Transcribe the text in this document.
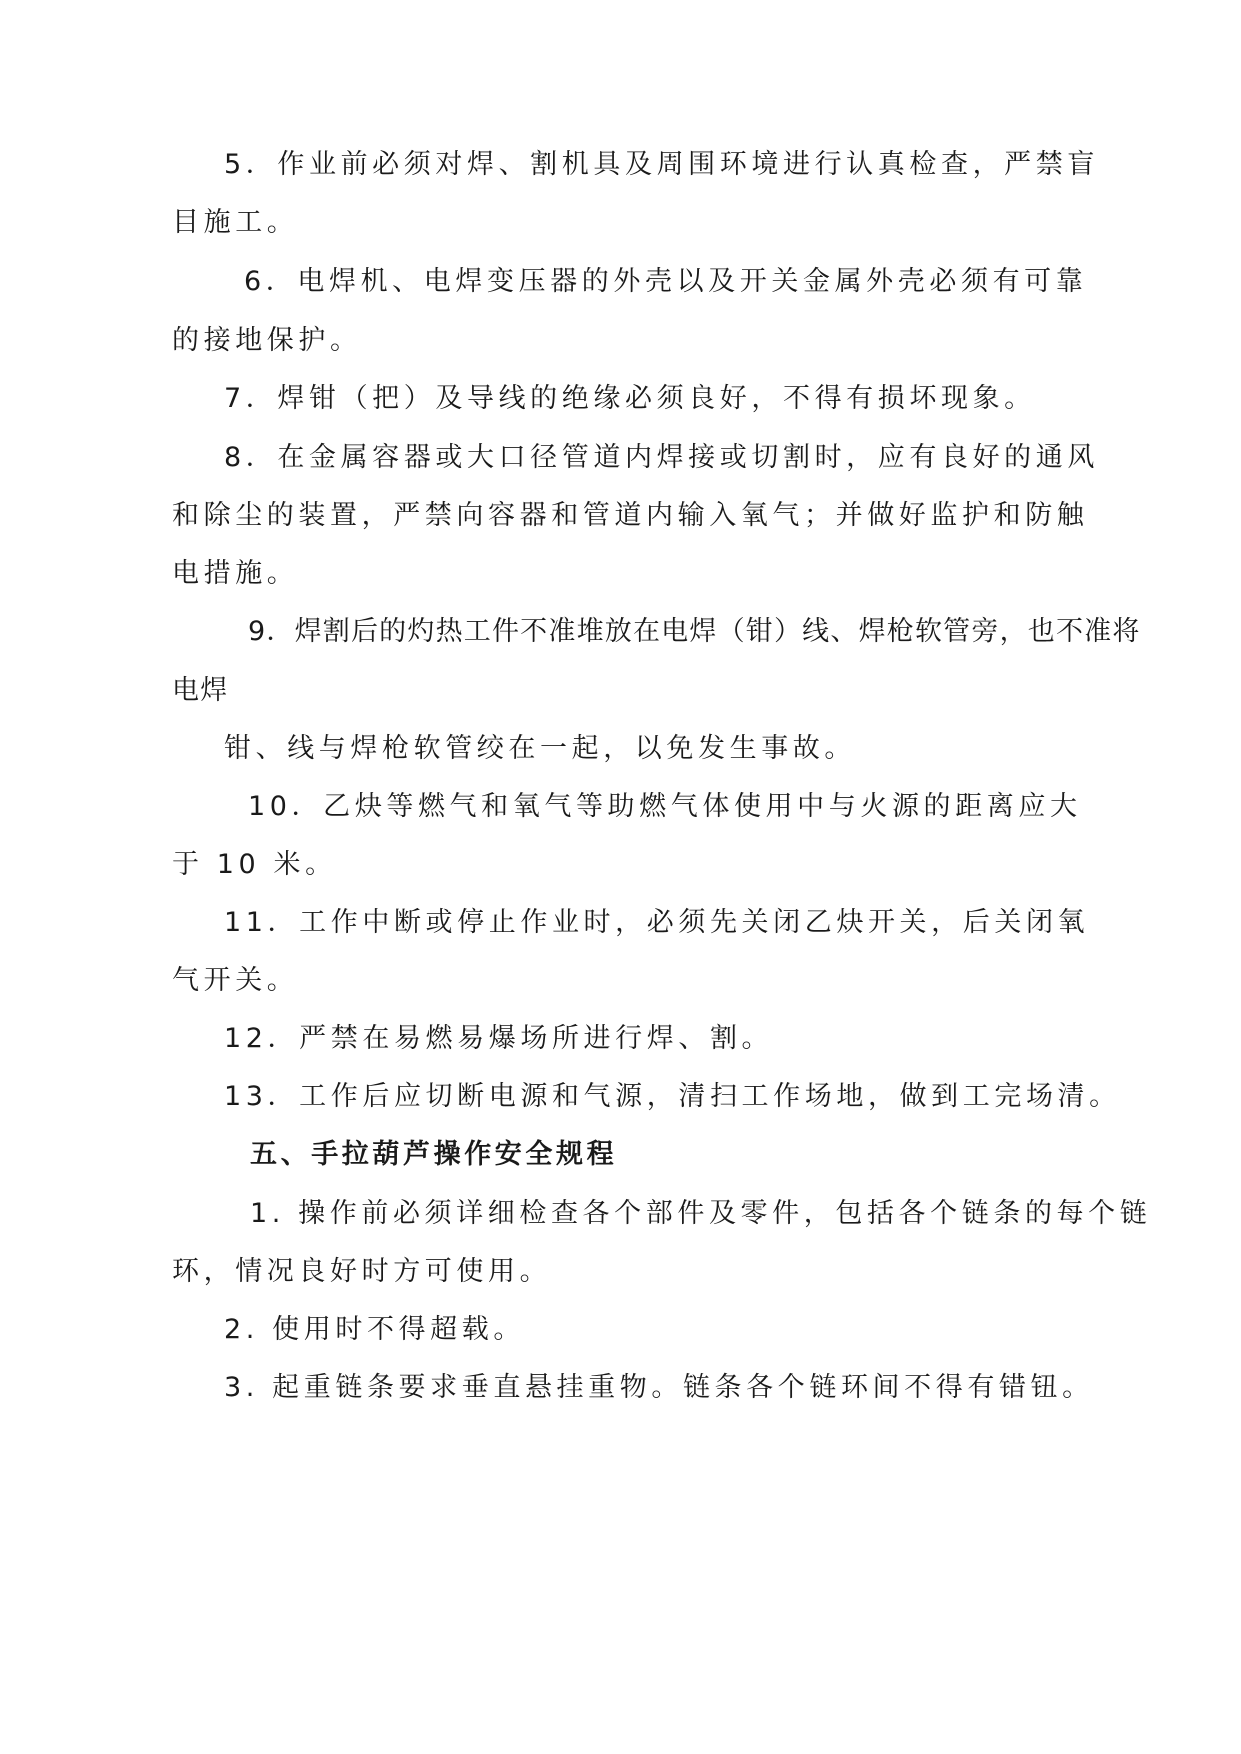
5．作业前必须对焊、割机具及周围环境进行认真检查，严禁盲
目施工。
6．电焊机、电焊变压器的外壳以及开关金属外壳必须有可靠
的接地保护。
7．焊钳（把）及导线的绝缘必须良好，不得有损坏现象。
8．在金属容器或大口径管道内焊接或切割时，应有良好的通风
和除尘的装置，严禁向容器和管道内输入氧气；并做好监护和防触
电措施。
9．焊割后的灼热工件不准堆放在电焊（钳）线、焊枪软管旁，也不准将
电焊
钳、线与焊枪软管绞在一起，以免发生事故。
10．乙炔等燃气和氧气等助燃气体使用中与火源的距离应大
于 10 米。
11．工作中断或停止作业时，必须先关闭乙炔开关，后关闭氧
气开关。
12．严禁在易燃易爆场所进行焊、割。
13．工作后应切断电源和气源，清扫工作场地，做到工完场清。
五、手拉葫芦操作安全规程
1. 操作前必须详细检查各个部件及零件，包括各个链条的每个链
环，情况良好时方可使用。
2. 使用时不得超载。
3. 起重链条要求垂直悬挂重物。链条各个链环间不得有错钮。
